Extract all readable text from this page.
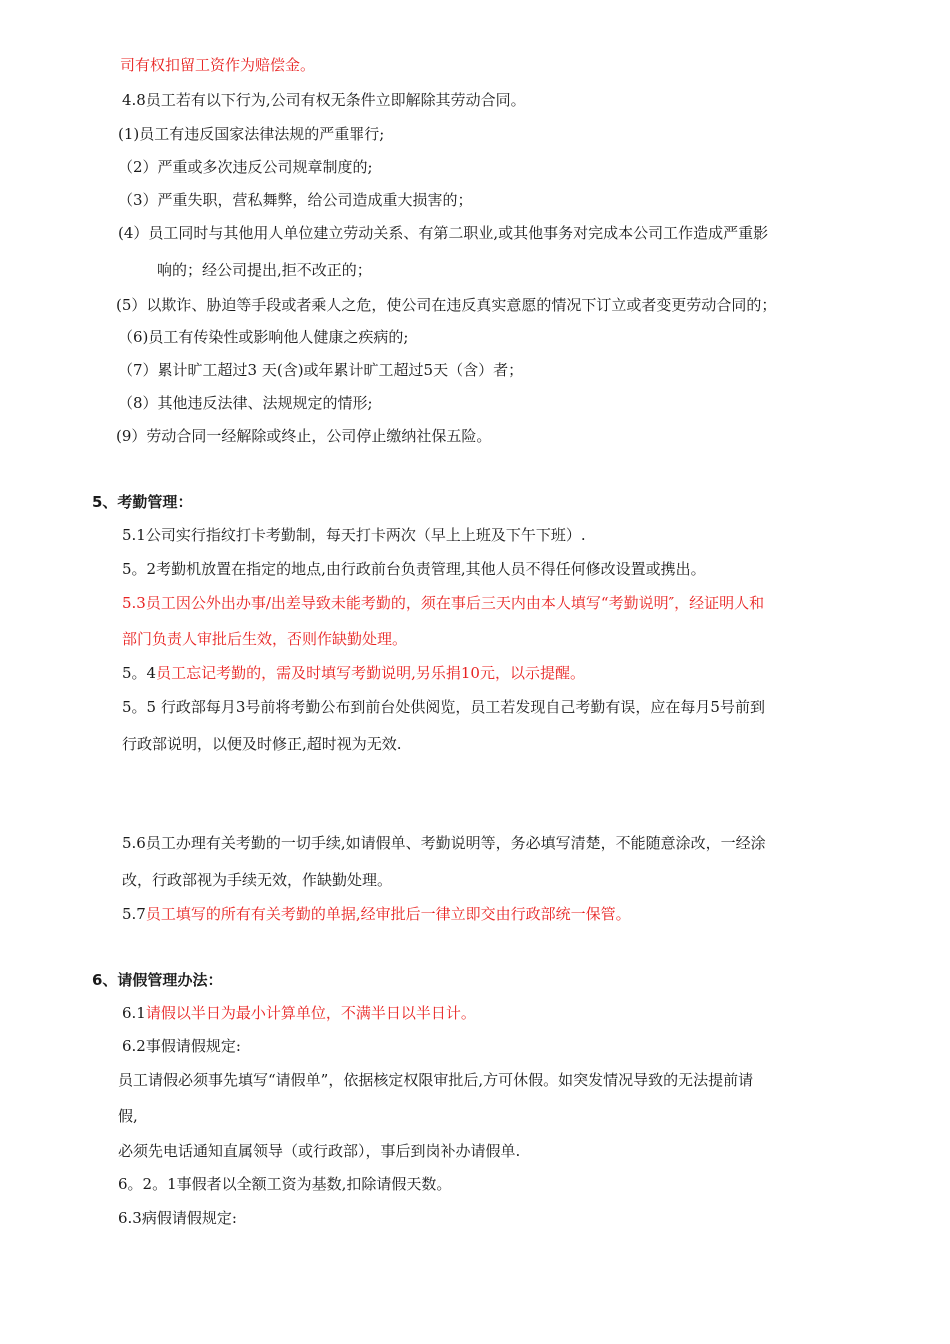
司有权扣留工资作为赔偿金。
4.8员工若有以下行为,公司有权无条件立即解除其劳动合同。
(1)员工有违反国家法律法规的严重罪行;
（2）严重或多次违反公司规章制度的;
（3）严重失职，营私舞弊，给公司造成重大损害的；
(4）员工同时与其他用人单位建立劳动关系、有第二职业,或其他事务对完成本公司工作造成严重影
响的；经公司提出,拒不改正的；
(5）以欺诈、胁迫等手段或者乘人之危，使公司在违反真实意愿的情况下订立或者变更劳动合同的；
（6)员工有传染性或影响他人健康之疾病的;
（7）累计旷工超过3 天(含)或年累计旷工超过5天（含）者；
（8）其他违反法律、法规规定的情形;
(9）劳动合同一经解除或终止，公司停止缴纳社保五险。
5、考勤管理：
5.1公司实行指纹打卡考勤制，每天打卡两次（早上上班及下午下班）.
5。2考勤机放置在指定的地点,由行政前台负责管理,其他人员不得任何修改设置或携出。
5.3员工因公外出办事/出差导致未能考勤的，须在事后三天内由本人填写“考勤说明″，经证明人和
部门负责人审批后生效，否则作缺勤处理。
5。4员工忘记考勤的，需及时填写考勤说明,另乐捐10元，以示提醒。
5。5 行政部每月3号前将考勤公布到前台处供阅览，员工若发现自己考勤有误，应在每月5号前到
行政部说明，以便及时修正,超时视为无效.
5.6员工办理有关考勤的一切手续,如请假单、考勤说明等，务必填写清楚，不能随意涂改，一经涂
改，行政部视为手续无效，作缺勤处理。
5.7员工填写的所有有关考勤的单据,经审批后一律立即交由行政部统一保管。
6、请假管理办法：
6.1请假以半日为最小计算单位，不满半日以半日计。
6.2事假请假规定:
员工请假必须事先填写“请假单”，依据核定权限审批后,方可休假。如突发情况导致的无法提前请
假,
必须先电话通知直属领导（或行政部），事后到岗补办请假单.
6。2。1事假者以全额工资为基数,扣除请假天数。
6.3病假请假规定:
